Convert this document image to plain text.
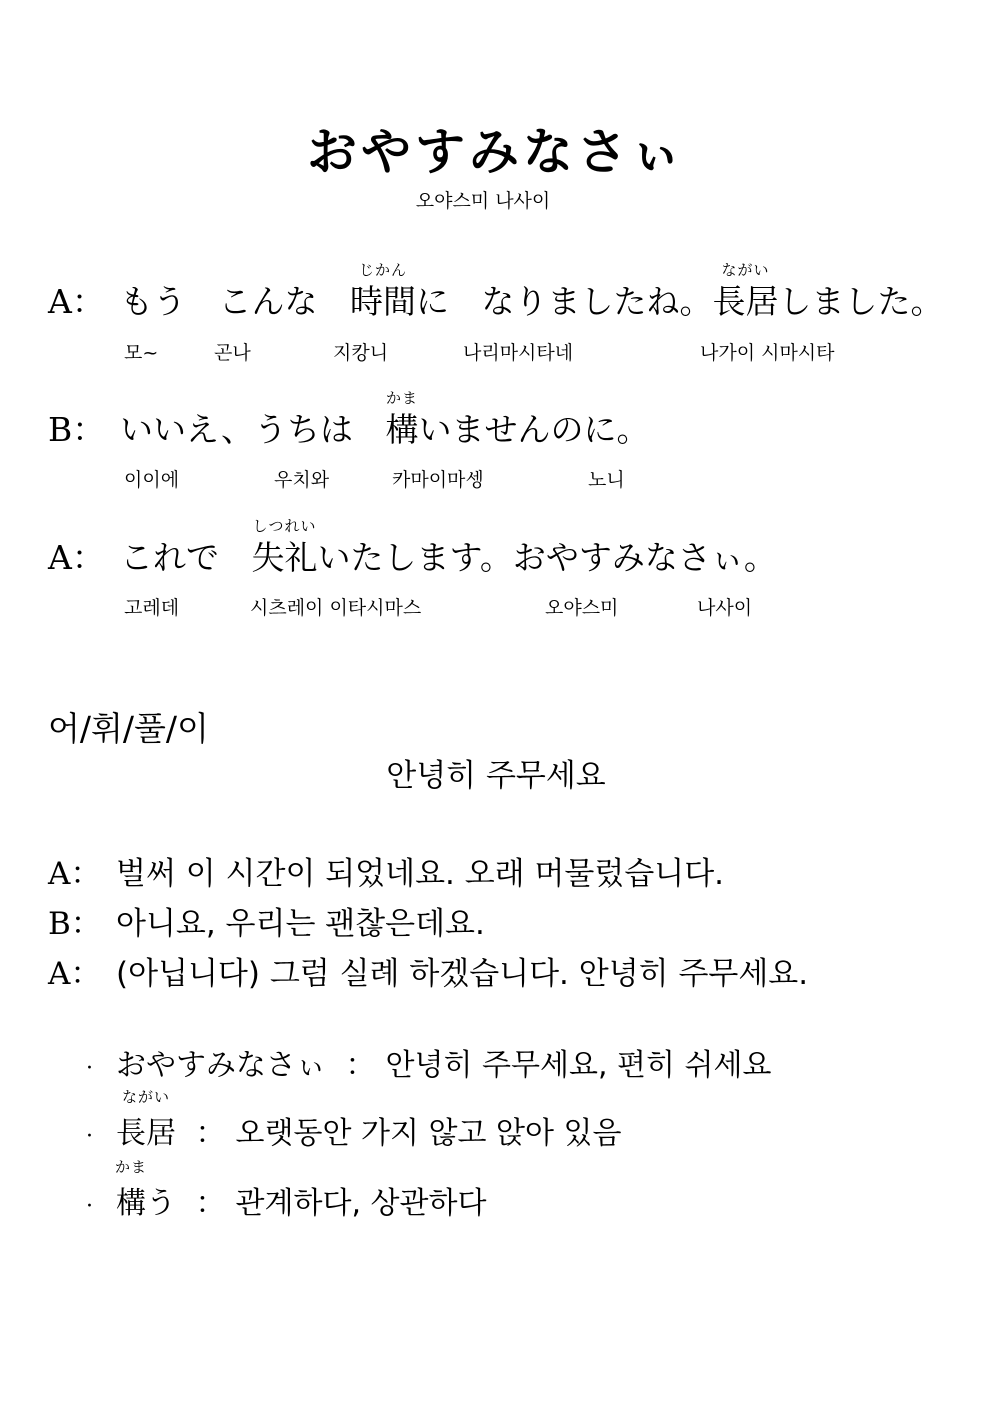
おやすみなさぃ
오야스미 나사이
A： もう こんな
じかん
時間に なりましたね。
ながい
長居しました。
모~	곤나	지캉니	나리마시타네	나가이 시마시타
B： いいえ、うちは
かま
構いませんのに。
이이에	우치와	카마이마셍	노니
A： これで
しつれい
失礼いたします。おやすみなさぃ。
고레데	시츠레이 이타시마스	오야스미	나사이
어/휘/풀/이
안녕히 주무세요
A： 벌써 이 시간이 되었네요. 오래 머물렀습니다.
B： 아니요, 우리는 괜찮은데요.
A： (아닙니다) 그럼 실례 하겠습니다. 안녕히 주무세요.
· おやすみなさぃ ： 안녕히 주무세요, 편히 쉬세요
·
ながい
長居 ： 오랫동안 가지 않고 앉아 있음
·
かま
構う ： 관계하다, 상관하다
